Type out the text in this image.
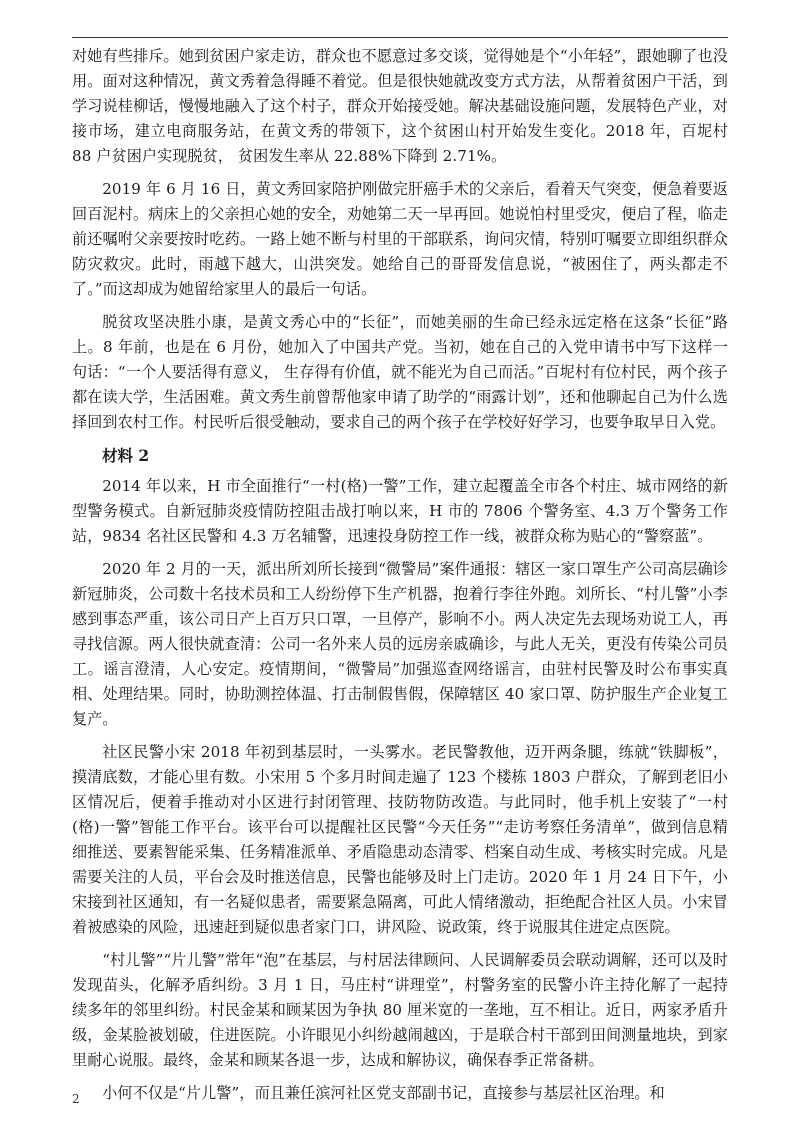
对她有些排斥。她到贫困户家走访，群众也不愿意过多交谈，觉得她是个“小年轻”，跟她聊了也没用。面对这种情况，黄文秀着急得睡不着觉。但是很快她就改变方式方法，从帮着贫困户干活，到学习说桂柳话，慢慢地融入了这个村子，群众开始接受她。解决基础设施问题，发展特色产业，对接市场，建立电商服务站，在黄文秀的带领下，这个贫困山村开始发生变化。2018 年，百坭村 88 户贫困户实现脱贫， 贫困发生率从 22.88%下降到 2.71%。

2019 年 6 月 16 日，黄文秀回家陪护刚做完肝癌手术的父亲后，看着天气突变，便急着要返回百泥村。病床上的父亲担心她的安全，劝她第二天一早再回。她说怕村里受灾，便启了程，临走前还嘱咐父亲要按时吃药。一路上她不断与村里的干部联系，询问灾情，特别叮嘱要立即组织群众防灾救灾。此时，雨越下越大，山洪突发。她给自己的哥哥发信息说，“被困住了，两头都走不了。”而这却成为她留给家里人的最后一句话。

脱贫攻坚决胜小康，是黄文秀心中的“长征”，而她美丽的生命已经永远定格在这条“长征”路上。8 年前，也是在 6 月份，她加入了中国共产党。当初，她在自己的入党申请书中写下这样一句话：“一个人要活得有意义， 生存得有价值，就不能光为自己而活。”百坭村有位村民，两个孩子都在读大学，生活困难。黄文秀生前曾帮他家申请了助学的“雨露计划”，还和他聊起自己为什么选择回到农村工作。村民听后很受触动，要求自己的两个孩子在学校好好学习，也要争取早日入党。

材料 2

2014 年以来，H 市全面推行“一村(格)一警”工作，建立起覆盖全市各个村庄、城市网络的新型警务模式。自新冠肺炎疫情防控阻击战打响以来，H 市的 7806 个警务室、4.3 万个警务工作站，9834 名社区民警和 4.3 万名辅警，迅速投身防控工作一线，被群众称为贴心的“警察蓝”。

2020 年 2 月的一天，派出所刘所长接到“微警局”案件通报：辖区一家口罩生产公司高层确诊新冠肺炎，公司数十名技术员和工人纷纷停下生产机器，抱着行李往外跑。刘所长、“村儿警”小李感到事态严重，该公司日产上百万只口罩，一旦停产，影响不小。两人决定先去现场劝说工人，再寻找信源。两人很快就查清：公司一名外来人员的远房亲戚确诊，与此人无关，更没有传染公司员工。谣言澄清，人心安定。疫情期间，“微警局”加强巡查网络谣言，由驻村民警及时公布事实真相、处理结果。同时，协助测控体温、打击制假售假，保障辖区 40 家口罩、防护服生产企业复工复产。

社区民警小宋 2018 年初到基层时，一头雾水。老民警教他，迈开两条腿，练就“铁脚板”，摸清底数，才能心里有数。小宋用 5 个多月时间走遍了 123 个楼栋 1803 户群众，了解到老旧小区情况后，便着手推动对小区进行封闭管理、技防物防改造。与此同时，他手机上安装了“一村(格)一警”智能工作平台。该平台可以提醒社区民警“今天任务”“走访考察任务清单”，做到信息精细推送、要素智能采集、任务精准派单、矛盾隐患动态清零、档案自动生成、考核实时完成。凡是需要关注的人员，平台会及时推送信息，民警也能够及时上门走访。2020 年 1 月 24 日下午，小宋接到社区通知，有一名疑似患者，需要紧急隔离，可此人情绪激动，拒绝配合社区人员。小宋冒着被感染的风险，迅速赶到疑似患者家门口，讲风险、说政策，终于说服其住进定点医院。

“村儿警”“片儿警”常年“泡”在基层，与村居法律顾问、人民调解委员会联动调解，还可以及时发现苗头，化解矛盾纠纷。3 月 1 日，马庄村“讲理堂”，村警务室的民警小许主持化解了一起持续多年的邻里纠纷。村民金某和顾某因为争执 80 厘米宽的一垄地，互不相让。近日，两家矛盾升级，金某脸被划破，住进医院。小许眼见小纠纷越闹越凶，于是联合村干部到田间测量地块，到家里耐心说服。最终，金某和顾某各退一步，达成和解协议，确保春季正常备耕。

小何不仅是“片儿警”，而且兼任滨河社区党支部副书记，直接参与基层社区治理。和

2
